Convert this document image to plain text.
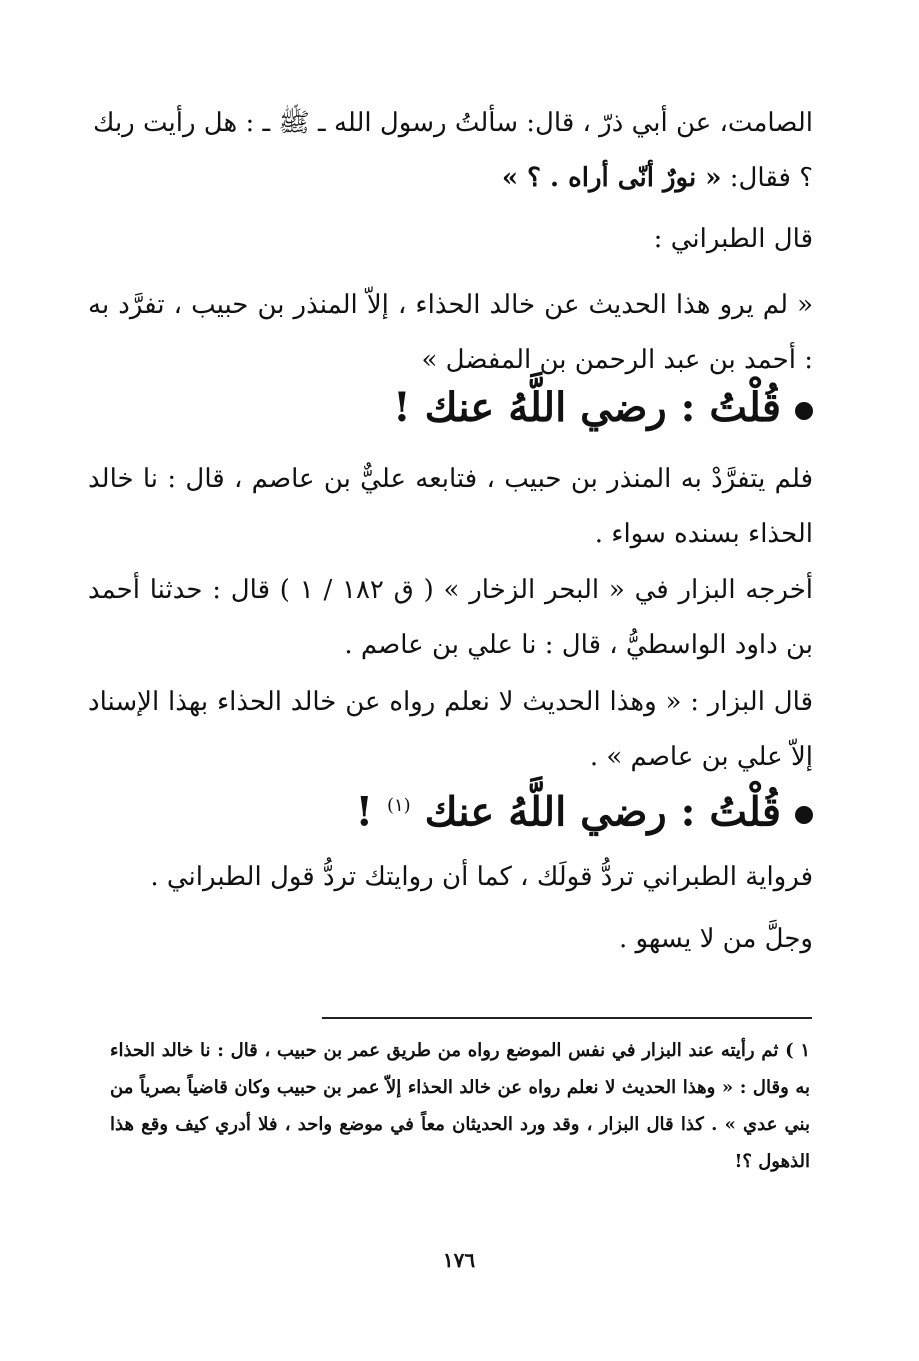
الصامت، عن أبي ذرّ ، قال: سألتُ رسول الله ـ ﷺ ـ : هل رأيت ربك
؟ فقال: « نورٌ أنّى أراه . ؟ »
قال الطبراني :
« لم يرو هذا الحديث عن خالد الحذاء ، إلاّ المنذر بن حبيب ، تفرَّد به : أحمد بن عبد الرحمن بن المفضل »
قُلْتُ : رضي اللَّهُ عنك !
فلم يتفرَّدْ به المنذر بن حبيب ، فتابعه عليٌّ بن عاصم ، قال : نا خالد الحذاء بسنده سواء .
أخرجه البزار في « البحر الزخار » ( ق ١٨٢ / ١ ) قال : حدثنا أحمد بن داود الواسطيُّ ، قال : نا علي بن عاصم .
قال البزار : « وهذا الحديث لا نعلم رواه عن خالد الحذاء بهذا الإسناد إلاّ علي بن عاصم » .
قُلْتُ : رضي اللَّهُ عنك $^{(١)}$ !
فرواية الطبراني تردُّ قولَك ، كما أن روايتك تردُّ قول الطبراني .
وجلَّ من لا يسهو .
١ ) ثم رأيته عند البزار في نفس الموضع رواه من طريق عمر بن حبيب ، قال : نا خالد الحذاء به وقال : « وهذا الحديث لا نعلم رواه عن خالد الحذاء إلاّ عمر بن حبيب وكان قاضياً بصرياً من بني عدي » . كذا قال البزار ، وقد ورد الحديثان معاً في موضع واحد ، فلا أدري كيف وقع هذا الذهول ؟!
١٧٦
